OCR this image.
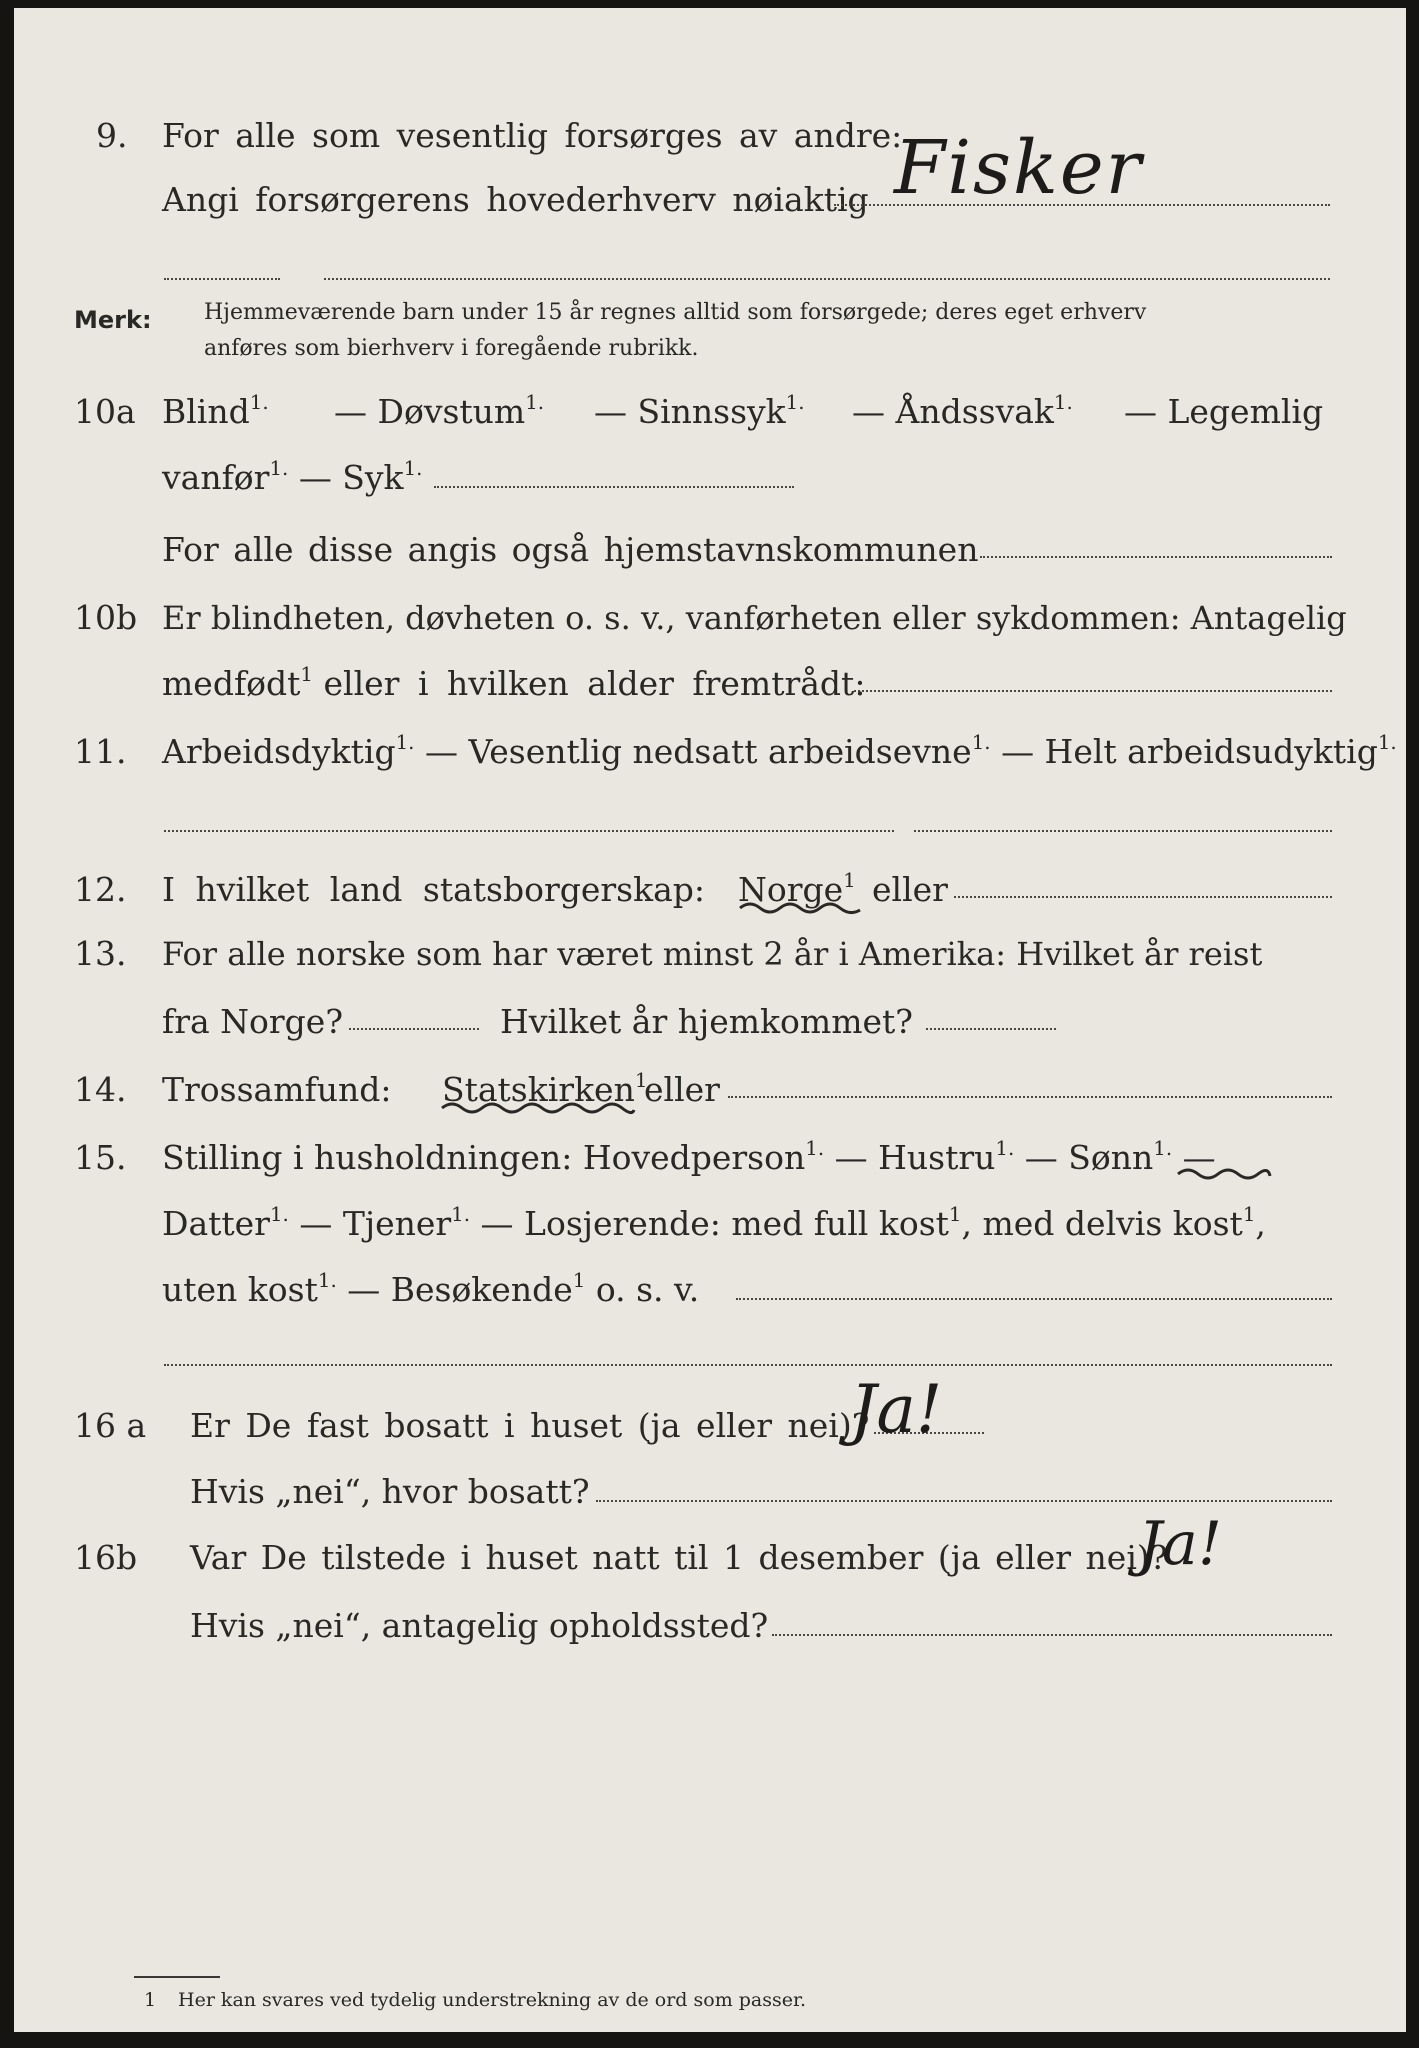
9. For alle som vesentlig forsørges av andre:
Angi forsørgerens hovederhverv nøiaktig Fisker
Merk: Hjemmeværende barn under 15 år regnes alltid som forsørgede; deres eget erhverv
anføres som bierhverv i foregående rubrikk.
10a Blind$^{1.}$ — Døvstum$^{1.}$ — Sinnssyk$^{1.}$ — Åndssvak$^{1.}$ — Legemlig
vanfør$^{1.}$ — Syk$^{1.}$
For alle disse angis også hjemstavnskommunen
10b Er blindheten, døvheten o. s. v., vanførheten eller sykdommen: Antagelig
medfødt$^1$ eller i hvilken alder fremtrådt:
11. Arbeidsdyktig$^{1.}$ — Vesentlig nedsatt arbeidsevne$^{1.}$ — Helt arbeidsudyktig$^{1.}$
12. I hvilket land statsborgerskap: Norge$^1$ eller
13. For alle norske som har været minst 2 år i Amerika: Hvilket år reist
fra Norge?	Hvilket år hjemkommet?
14. Trossamfund: Statskirken$^1$
eller
15. Stilling i husholdningen: Hovedperson$^{1.}$ — Hustru$^{1.}$ — Sønn$^{1.}$ —
Datter$^{1.}$ — Tjener$^{1.}$ — Losjerende: med full kost$^1$, med delvis kost$^1$,
uten kost$^{1.}$ — Besøkende$^1$ o. s. v.
16 a Er De fast bosatt i huset (ja eller nei)?
Ja!
Hvis „nei“, hvor bosatt?
16b Var De tilstede i huset natt til 1 desember (ja eller nei)?
Ja!
Hvis „nei“, antagelig opholdssted?
1 Her kan svares ved tydelig understrekning av de ord som passer.
